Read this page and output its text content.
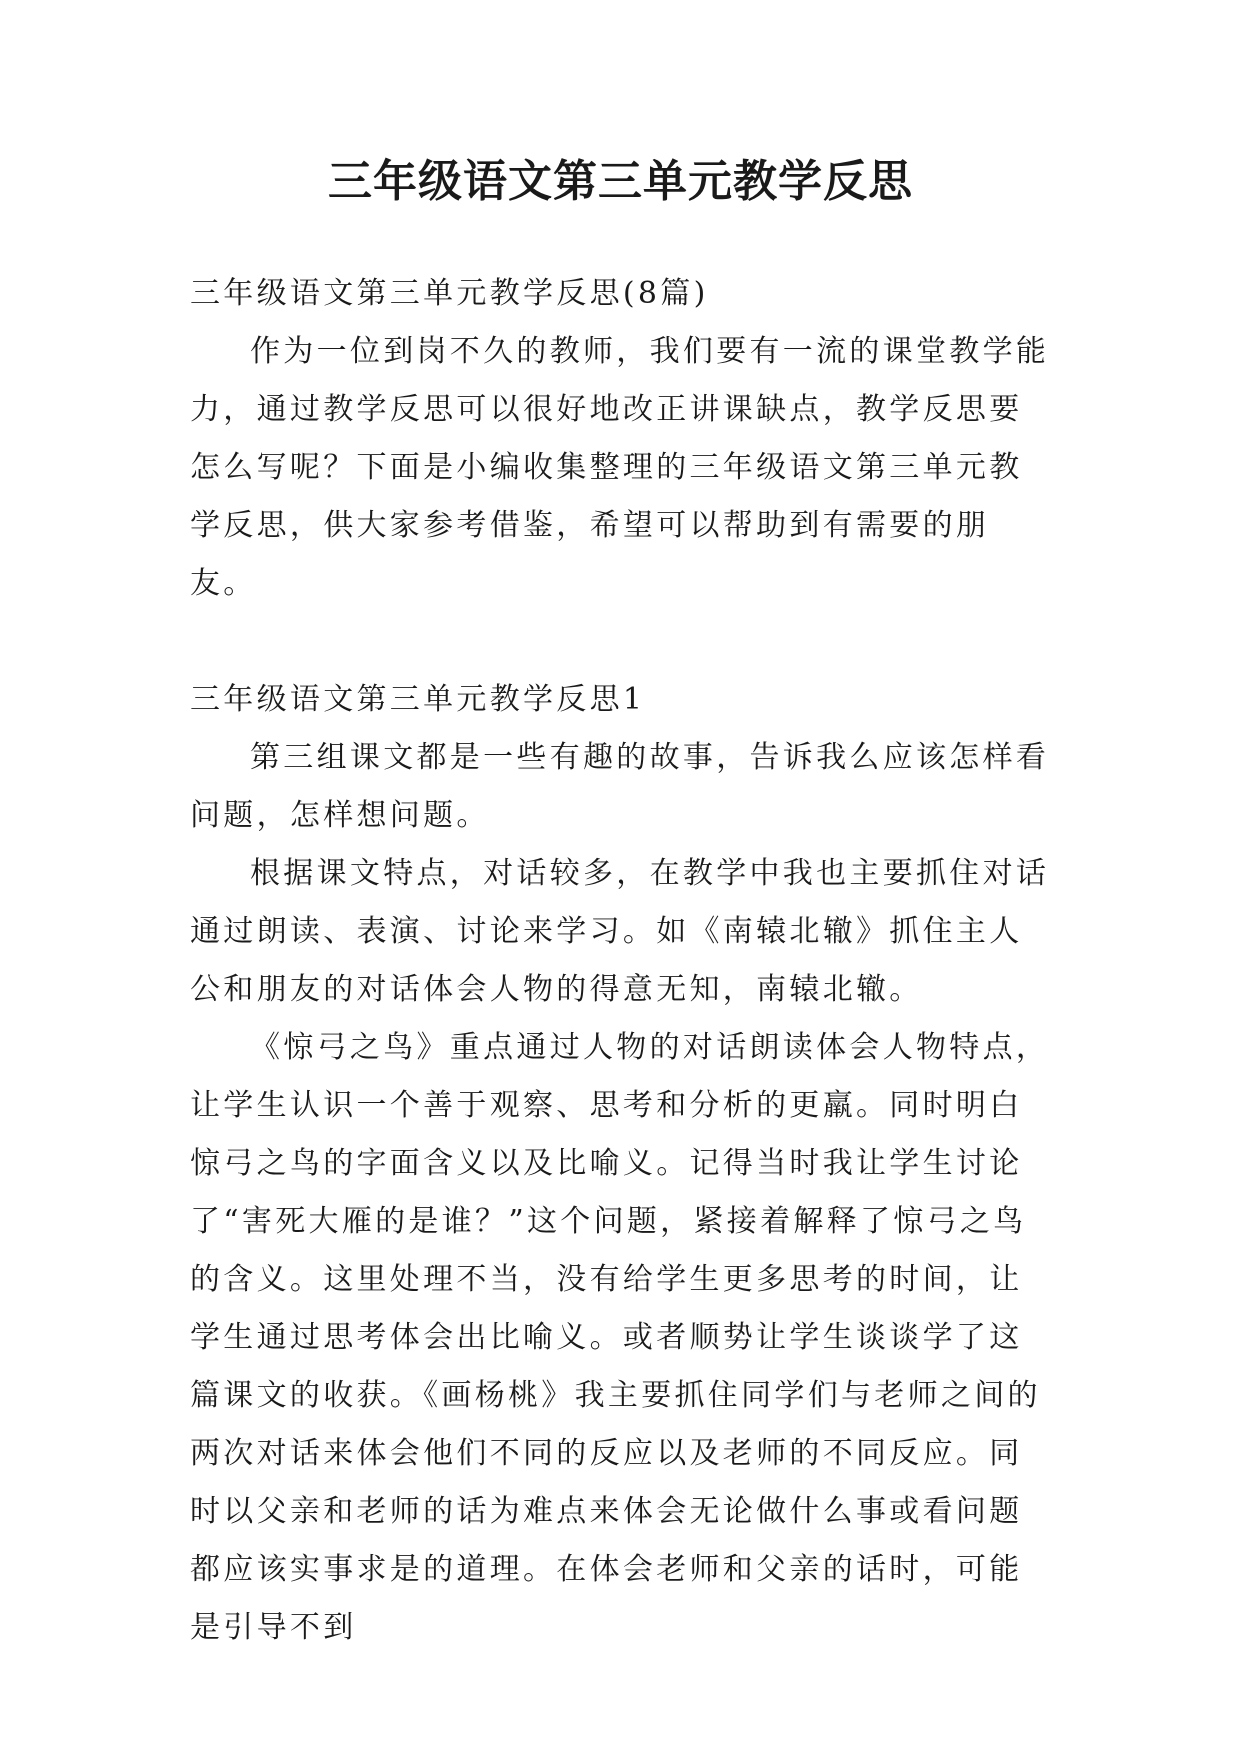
三年级语文第三单元教学反思

三年级语文第三单元教学反思(8篇)

作为一位到岗不久的教师，我们要有一流的课堂教学能力，通过教学反思可以很好地改正讲课缺点，教学反思要怎么写呢？下面是小编收集整理的三年级语文第三单元教学反思，供大家参考借鉴，希望可以帮助到有需要的朋友。

三年级语文第三单元教学反思1

第三组课文都是一些有趣的故事，告诉我么应该怎样看问题，怎样想问题。

根据课文特点，对话较多，在教学中我也主要抓住对话通过朗读、表演、讨论来学习。如《南辕北辙》抓住主人公和朋友的对话体会人物的得意无知，南辕北辙。

《惊弓之鸟》重点通过人物的对话朗读体会人物特点，让学生认识一个善于观察、思考和分析的更羸。同时明白惊弓之鸟的字面含义以及比喻义。记得当时我让学生讨论了“害死大雁的是谁？”这个问题，紧接着解释了惊弓之鸟的含义。这里处理不当，没有给学生更多思考的时间，让学生通过思考体会出比喻义。或者顺势让学生谈谈学了这篇课文的收获。《画杨桃》我主要抓住同学们与老师之间的两次对话来体会他们不同的反应以及老师的不同反应。同时以父亲和老师的话为难点来体会无论做什么事或看问题都应该实事求是的道理。在体会老师和父亲的话时，可能是引导不到
